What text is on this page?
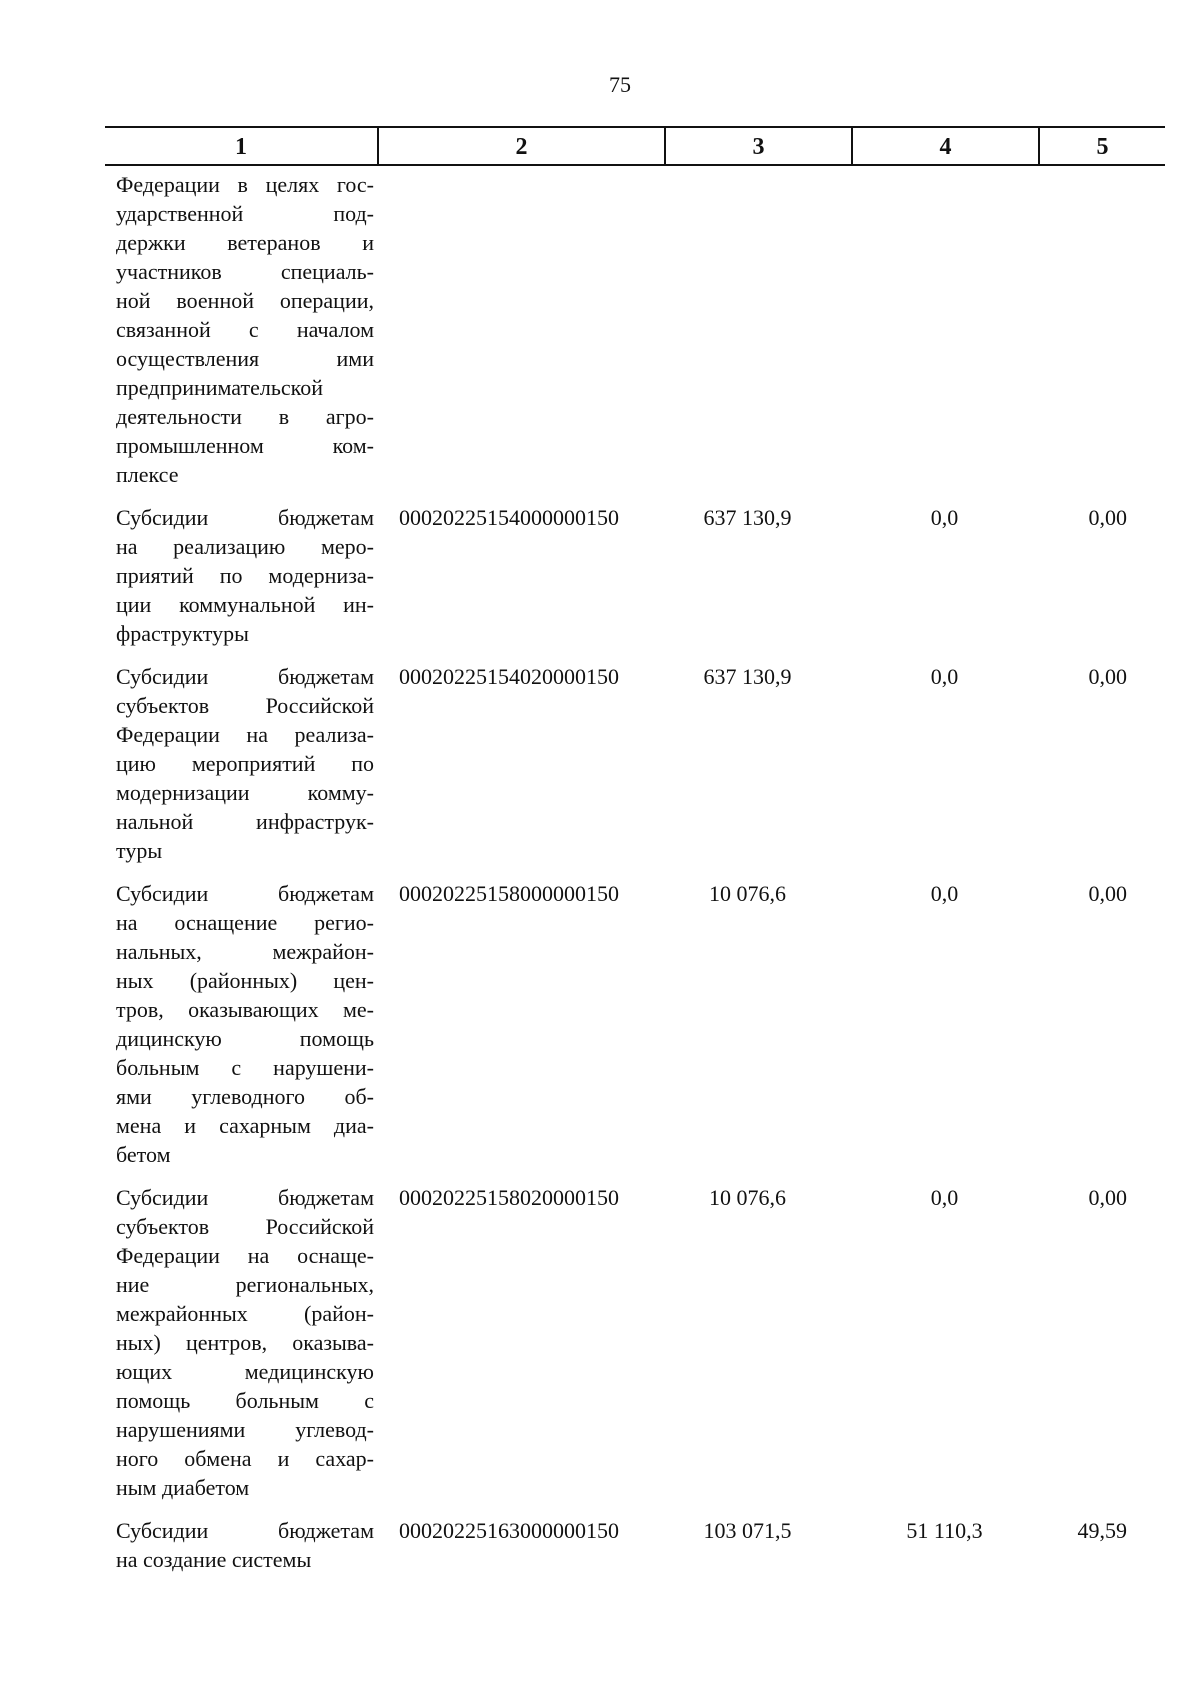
75
1	2	3	4	5
Федерации в целях гос-
ударственной под-
держки ветеранов и
участников специаль-
ной военной операции,
связанной с началом
осуществления ими
предпринимательской
деятельности в агро-
промышленном ком-
плексе
Субсидии бюджетам
на реализацию меро-
приятий по модерниза-
ции коммунальной ин-
фраструктуры
00020225154000000150	637 130,9	0,0	0,00
Субсидии бюджетам
субъектов Российской
Федерации на реализа-
цию мероприятий по
модернизации комму-
нальной инфраструк-
туры
00020225154020000150	637 130,9	0,0	0,00
Субсидии бюджетам
на оснащение регио-
нальных, межрайон-
ных (районных) цен-
тров, оказывающих ме-
дицинскую помощь
больным с нарушени-
ями углеводного об-
мена и сахарным диа-
бетом
00020225158000000150	10 076,6	0,0	0,00
Субсидии бюджетам
субъектов Российской
Федерации на оснаще-
ние региональных,
межрайонных (район-
ных) центров, оказыва-
ющих медицинскую
помощь больным с
нарушениями углевод-
ного обмена и сахар-
ным диабетом
00020225158020000150	10 076,6	0,0	0,00
Субсидии бюджетам
на создание системы
00020225163000000150	103 071,5	51 110,3	49,59
